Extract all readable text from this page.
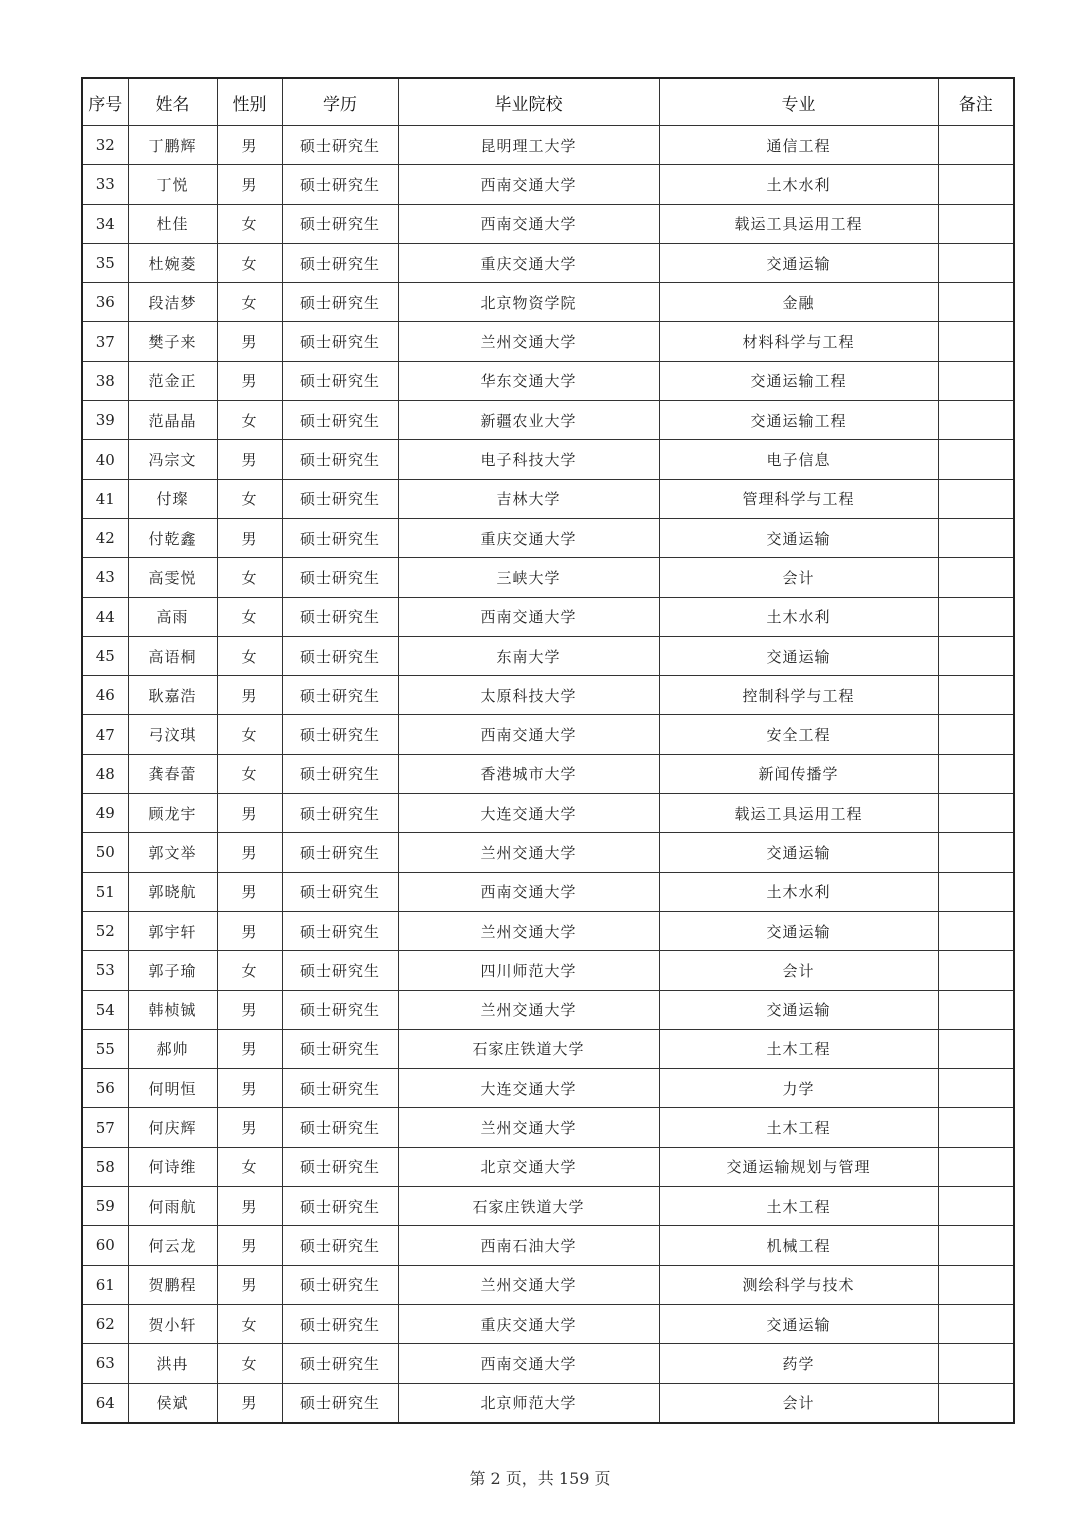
序号	姓名	性别	学历	毕业院校	专业	备注
32	丁鹏辉	男	硕士研究生	昆明理工大学	通信工程	
33	丁悦	男	硕士研究生	西南交通大学	土木水利	
34	杜佳	女	硕士研究生	西南交通大学	载运工具运用工程	
35	杜婉菱	女	硕士研究生	重庆交通大学	交通运输	
36	段洁梦	女	硕士研究生	北京物资学院	金融	
37	樊子来	男	硕士研究生	兰州交通大学	材料科学与工程	
38	范金正	男	硕士研究生	华东交通大学	交通运输工程	
39	范晶晶	女	硕士研究生	新疆农业大学	交通运输工程	
40	冯宗文	男	硕士研究生	电子科技大学	电子信息	
41	付璨	女	硕士研究生	吉林大学	管理科学与工程	
42	付乾鑫	男	硕士研究生	重庆交通大学	交通运输	
43	高雯悦	女	硕士研究生	三峡大学	会计	
44	高雨	女	硕士研究生	西南交通大学	土木水利	
45	高语桐	女	硕士研究生	东南大学	交通运输	
46	耿嘉浩	男	硕士研究生	太原科技大学	控制科学与工程	
47	弓汶琪	女	硕士研究生	西南交通大学	安全工程	
48	龚春蕾	女	硕士研究生	香港城市大学	新闻传播学	
49	顾龙宇	男	硕士研究生	大连交通大学	载运工具运用工程	
50	郭文举	男	硕士研究生	兰州交通大学	交通运输	
51	郭晓航	男	硕士研究生	西南交通大学	土木水利	
52	郭宇轩	男	硕士研究生	兰州交通大学	交通运输	
53	郭子瑜	女	硕士研究生	四川师范大学	会计	
54	韩桢铖	男	硕士研究生	兰州交通大学	交通运输	
55	郝帅	男	硕士研究生	石家庄铁道大学	土木工程	
56	何明恒	男	硕士研究生	大连交通大学	力学	
57	何庆辉	男	硕士研究生	兰州交通大学	土木工程	
58	何诗维	女	硕士研究生	北京交通大学	交通运输规划与管理	
59	何雨航	男	硕士研究生	石家庄铁道大学	土木工程	
60	何云龙	男	硕士研究生	西南石油大学	机械工程	
61	贺鹏程	男	硕士研究生	兰州交通大学	测绘科学与技术	
62	贺小轩	女	硕士研究生	重庆交通大学	交通运输	
63	洪冉	女	硕士研究生	西南交通大学	药学	
64	侯斌	男	硕士研究生	北京师范大学	会计	
第 2 页，共 159 页
